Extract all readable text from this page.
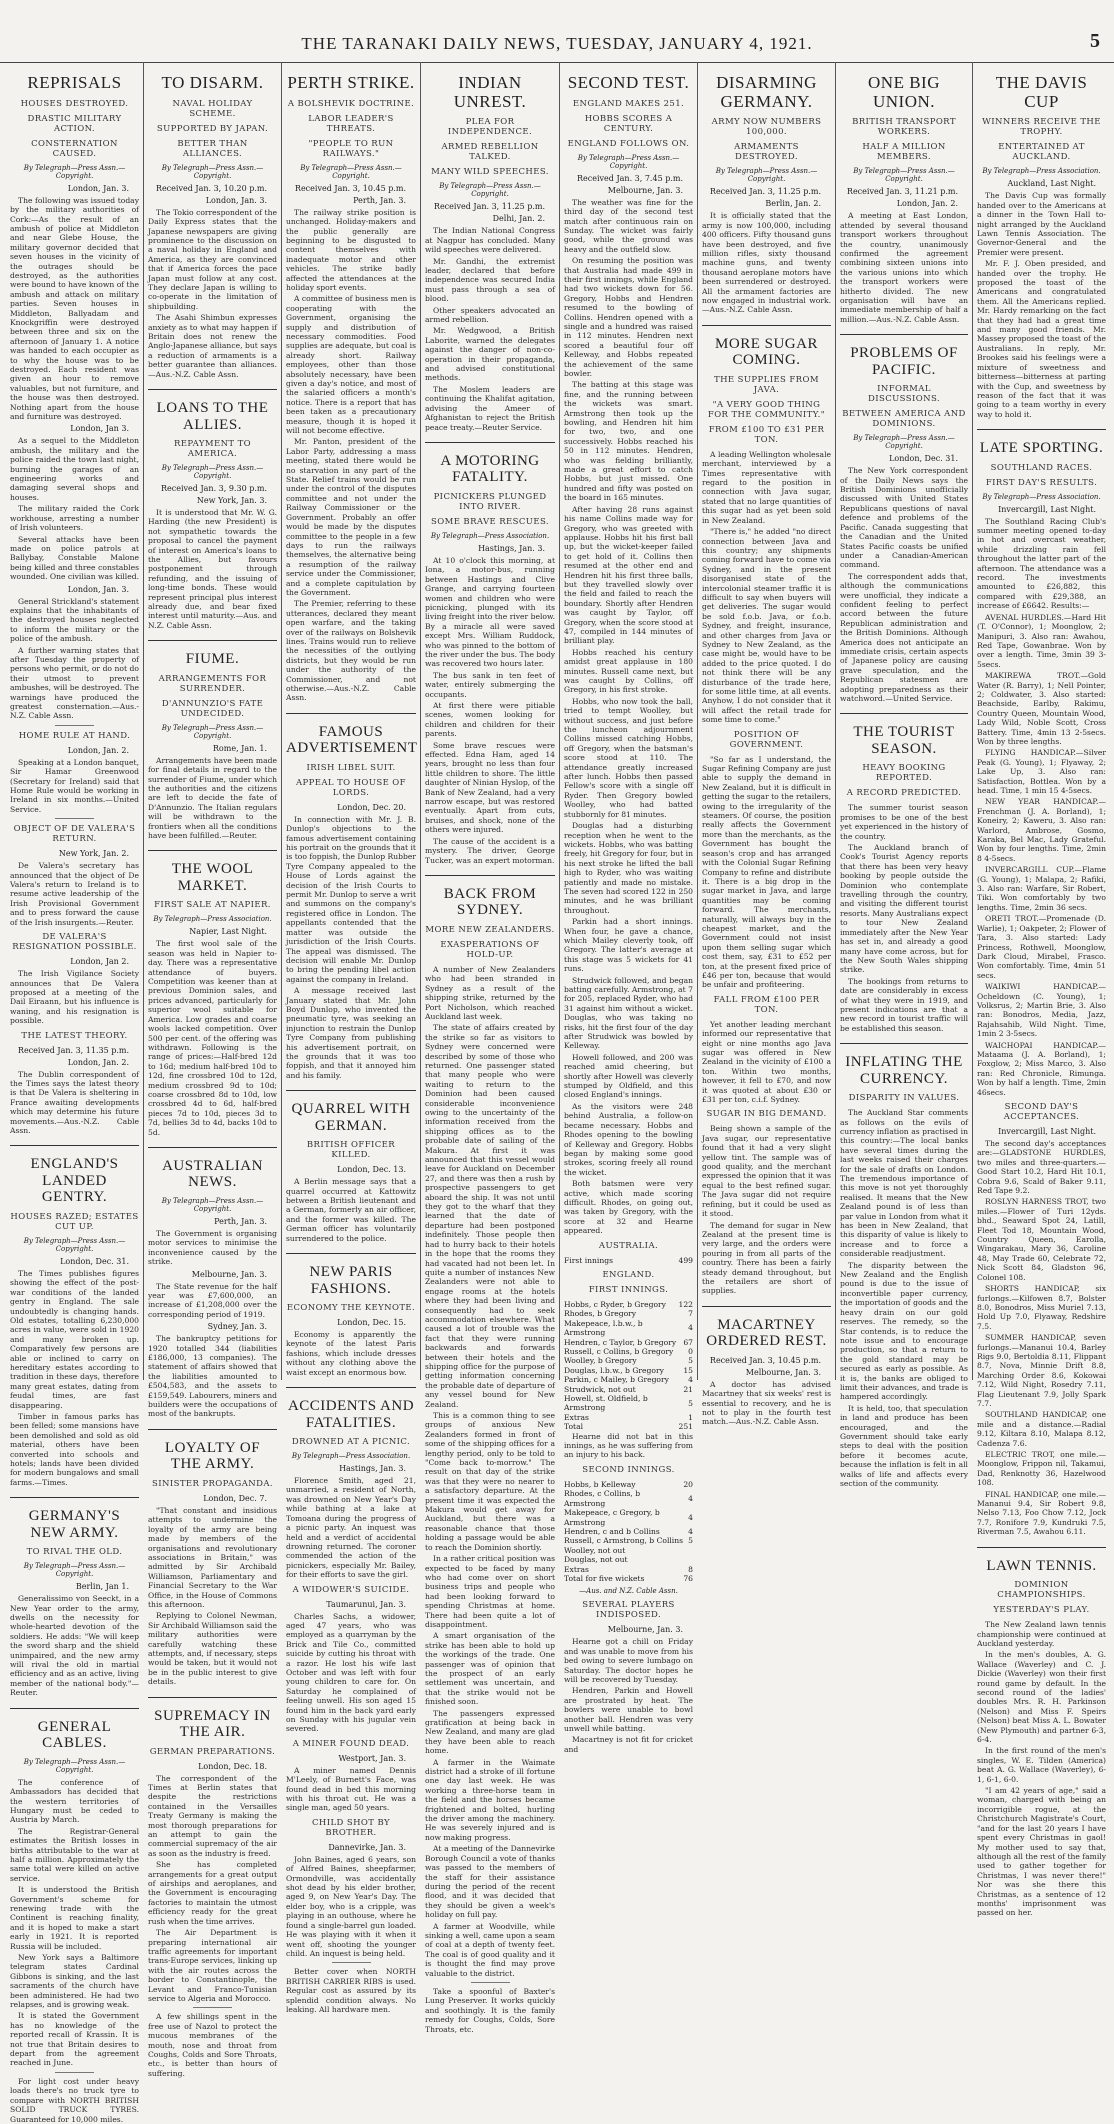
THE TARANAKI DAILY NEWS, TUESDAY, JANUARY 4, 1921.	5
REPRISALS
HOUSES DESTROYED.
DRASTIC MILITARY ACTION.
CONSTERNATION CAUSED.
By Telegraph—Press Assn.—Copyright.
London, Jan. 3.

The following was issued today by the military authorities of Cork:—As the result of an ambush of police at Middleton and near Glebe House, the military governor decided that seven houses in the vicinity of the outrages should be destroyed, as the authorities were bound to have known of the ambush and attack on military parties. Seven houses in Middleton, Ballyadam and Knockgriffin were destroyed between three and six on the afternoon of January 1. A notice was handed to each occupier as to why the house was to be destroyed. Each resident was given an hour to remove valuables, but not furniture, and the house was then destroyed. Nothing apart from the house and furniture was destroyed.

London, Jan 3.

As a sequel to the Middleton ambush, the military and the police raided the town last night, burning the garages of an engineering works and damaging several shops and houses.

The military raided the Cork workhouse, arresting a number of Irish volunteers.

Several attacks have been made on police patrols at Ballybay, Constable Malone being killed and three constables wounded. One civilian was killed.

London, Jan. 3.

General Strickland's statement explains that the inhabitants of the destroyed houses neglected to inform the military or the police of the ambush.

A further warning states that after Tuesday the property of persons who permit, or do not do their utmost to prevent ambushes, will be destroyed. The warnings have produced the greatest consternation.—Aus.-N.Z. Cable Assn.

HOME RULE AT HAND.
London, Jan. 2.

Speaking at a London banquet, Sir Hamar Greenwood (Secretary for Ireland) said that Home Rule would be working in Ireland in six months.—United Service.

OBJECT OF DE VALERA'S RETURN.
New York, Jan. 2.

De Valera's secretary has announced that the object of De Valera's return to Ireland is to resume active leadership of the Irish Provisional Government and to press forward the cause of the Irish insurgents.—Reuter.

DE VALERA'S RESIGNATION POSSIBLE.
London, Jan 2.

The Irish Vigilance Society announces that De Valera proposed at a meeting of the Dail Eiraann, but his influence is waning, and his resignation is possible.

THE LATEST THEORY.
Received Jan. 3, 11.35 p.m.
London, Jan. 2.

The Dublin correspondent of the Times says the latest theory is that De Valera is sheltering in France awaiting developments which may determine his future movements.—Aus.-N.Z. Cable Assn.

ENGLAND'S LANDED GENTRY.
HOUSES RAZED; ESTATES CUT UP.
By Telegraph—Press Assn.—Copyright.
London, Dec. 31.

The Times publishes figures showing the effect of the post-war conditions of the landed gentry in England. The sale undoubtedly is changing hands. Old estates, totalling 6,230,000 acres in value, were sold in 1920 and many broken up. Comparatively few persons are able or inclined to carry on hereditary estates according to tradition in these days, therefore many great estates, dating from feudal times, are fast disappearing.

Timber in famous parks has been felled; some mansions have been demolished and sold as old material, others have been converted into schools and hotels; lands have been divided for modern bungalows and small farms.—Times.

GERMANY'S NEW ARMY.
TO RIVAL THE OLD.
By Telegraph—Press Assn.—Copyright.
Berlin, Jan 1.

Generalissimo von Seeckt, in a New Year order to the army, dwells on the necessity for whole-hearted devotion of the soldiers. He adds: "We will keep the sword sharp and the shield unimpaired, and the new army will rival the old in martial efficiency and as an active, living member of the national body."—Reuter.

GENERAL CABLES.
By Telegraph—Press Assn.—Copyright.

The conference of Ambassadors has decided that the western territories of Hungary must be ceded to Austria by March.

The Registrar-General estimates the British losses in births attributable to the war at half a million. Approximately the same total were killed on active service.

It is understood the British Government's scheme for renewing trade with the Continent is reaching finality, and it is hoped to make a start early in 1921. It is reported Russia will be included.

New York says a Baltimore telegram states Cardinal Gibbons is sinking, and the last sacraments of the church have been administered. He had two relapses, and is growing weak.

It is stated the Government has no knowledge of the reported recall of Krassin. It is not true that Britain desires to depart from the agreement reached in June.

For light cost under heavy loads there's no truck tyre to compare with NORTH BRITISH SOLID TRUCK TYRES. Guaranteed for 10,000 miles.

TO DISARM.
NAVAL HOLIDAY SCHEME.
SUPPORTED BY JAPAN.
BETTER THAN ALLIANCES.
By Telegraph—Press Assn.—Copyright.
Received Jan. 3, 10.20 p.m.
London, Jan. 3.

The Tokio correspondent of the Daily Express states that the Japanese newspapers are giving prominence to the discussion on a naval holiday in England and America, as they are convinced that if America forces the pace Japan must follow at any cost. They declare Japan is willing to co-operate in the limitation of shipbuilding.

The Asahi Shimbun expresses anxiety as to what may happen if Britain does not renew the Anglo-Japanese alliance, but says a reduction of armaments is a better guarantee than alliances.—Aus.-N.Z. Cable Assn.

LOANS TO THE ALLIES.
REPAYMENT TO AMERICA.
By Telegraph—Press Assn.—Copyright.
Received Jan. 3, 9.30 p.m.
New York, Jan. 3.

It is understood that Mr. W. G. Harding (the new President) is not sympathetic towards the proposal to cancel the payment of interest on America's loans to the Allies, but favours postponement through refunding, and the issuing of long-time bonds. These would represent principal plus interest already due, and bear fixed interest until maturity.—Aus. and N.Z. Cable Assn.

FIUME.
ARRANGEMENTS FOR SURRENDER.
D'ANNUNZIO'S FATE UNDECIDED.
By Telegraph—Press Assn.—Copyright.
Rome, Jan. 1.

Arrangements have been made for final details in regard to the surrender of Fiume, under which the authorities and the citizens are left to decide the fate of D'Annunzio. The Italian regulars will be withdrawn to the frontiers when all the conditions have been fulfilled.—Reuter.

THE WOOL MARKET.
FIRST SALE AT NAPIER.
By Telegraph—Press Association.
Napier, Last Night.

The first wool sale of the season was held in Napier to-day. There was a representative attendance of buyers. Competition was keener than at previous Dominion sales, and prices advanced, particularly for superior wool suitable for America. Low grades and coarse wools lacked competition. Over 500 per cent. of the offering was withdrawn. Following is the range of prices:—Half-bred 12d to 16d; medium half-bred 10d to 12d, fine crossbred 10d to 12d, medium crossbred 9d to 10d; coarse crossbred 8d to 10d, low crossbred 4d to 6d, half-bred pieces 7d to 10d, pieces 3d to 7d, bellies 3d to 4d, backs 10d to 5d.

AUSTRALIAN NEWS.
By Telegraph—Press Assn.—Copyright.
Perth, Jan. 3.

The Government is organising motor services to minimise the inconvenience caused by the strike.

Melbourne, Jan. 3.

The State revenue for the half year was £7,600,000, an increase of £1,208,000 over the corresponding period of 1919.

Sydney, Jan. 3.

The bankruptcy petitions for 1920 totalled 344 (liabilities £186,000, 13 companies). The statement of affairs showed that the liabilities amounted to £504,583, and the assets to £159,549. Labourers, miners and builders were the occupations of most of the bankrupts.

LOYALTY OF THE ARMY.
SINISTER PROPAGANDA.
London, Dec. 7.

"That constant and insidious attempts to undermine the loyalty of the army are being made by members of the organisations and revolutionary associations in Britain," was admitted by Sir Archibald Williamson, Parliamentary and Financial Secretary to the War Office, in the House of Commons this afternoon.

Replying to Colonel Newman, Sir Archibald Williamson said the military authorities were carefully watching these attempts, and, if necessary, steps would be taken, but it would not be in the public interest to give details.

SUPREMACY IN THE AIR.
GERMAN PREPARATIONS.
London, Dec. 18.

The correspondent of the Times at Berlin states that despite the restrictions contained in the Versailles Treaty Germany is making the most thorough preparations for an attempt to gain the commercial supremacy of the air as soon as the industry is freed.

She has completed arrangements for a great output of airships and aeroplanes, and the Government is encouraging factories to maintain the utmost efficiency ready for the great rush when the time arrives.

The Air Department is preparing international air traffic agreements for important trans-Europe services, linking up with the air routes across the border to Constantinople, the Levant and Franco-Tunisian service to Algeria and Morocco.

A few shillings spent in the free use of Nazol to protect the mucous membranes of the mouth, nose and throat from Coughs, Colds and Sore Throats, etc., is better than hours of suffering.

PERTH STRIKE.
A BOLSHEVIK DOCTRINE.
LABOR LEADER'S THREATS.
"PEOPLE TO RUN RAILWAYS."
By Telegraph—Press Assn.—Copyright.
Received Jan. 3, 10.45 p.m.
Perth, Jan. 3.

The railway strike position is unchanged. Holiday-makers and the public generally are beginning to be disgusted to content themselves with inadequate motor and other vehicles. The strike badly affected the attendances at the holiday sport events.

A committee of business men is cooperating with the Government, organising the supply and distribution of necessary commodities. Food supplies are adequate, but coal is already short. Railway employees, other than those absolutely necessary, have been given a day's notice, and most of the salaried officers a month's notice. There is a report that has been taken as a precautionary measure, though it is hoped it will not become effective.

Mr. Panton, president of the Labor Party, addressing a mass meeting, stated there would be no starvation in any part of the State. Relief trains would be run under the control of the disputes committee and not under the Railway Commissioner or the Government. Probably an offer would be made by the disputes committee to the people in a few days to run the railways themselves, the alternative being a resumption of the railway service under the Commissioner, and a complete capitulation by the Government.

The Premier, referring to these utterances, declared they meant open warfare, and the taking over of the railways on Bolshevik lines. Trains would run to relieve the necessities of the outlying districts, but they would be run under the authority of the Commissioner, and not otherwise.—Aus.-N.Z. Cable Assn.

FAMOUS ADVERTISEMENT
IRISH LIBEL SUIT.
APPEAL TO HOUSE OF LORDS.
London, Dec. 20.

In connection with Mr. J. B. Dunlop's objections to the famous advertisement containing his portrait on the grounds that it is too foppish, the Dunlop Rubber Tyre Company appealed to the House of Lords against the decision of the Irish Courts to permit Mr. Dunlop to serve a writ and summons on the company's registered office in London. The appellants contended that the matter was outside the jurisdiction of the Irish Courts. The appeal was dismissed. The decision will enable Mr. Dunlop to bring the pending libel action against the company in Ireland.

A message received last January stated that Mr. John Boyd Dunlop, who invented the pneumatic tyre, was seeking an injunction to restrain the Dunlop Tyre Company from publishing his advertisement portrait, on the grounds that it was too foppish, and that it annoyed him and his family.

QUARREL WITH GERMAN.
BRITISH OFFICER KILLED.
London, Dec. 13.

A Berlin message says that a quarrel occurred at Kattowitz between a British lieutenant and a German, formerly an air officer, and the former was killed. The German officer has voluntarily surrendered to the police.

NEW PARIS FASHIONS.
ECONOMY THE KEYNOTE.
London, Dec. 15.

Economy is apparently the keynote of the latest Paris fashions, which include dresses without any clothing above the waist except an enormous bow.

ACCIDENTS AND FATALITIES.
DROWNED AT A PICNIC.
By Telegraph—Press Association.
Hastings, Jan. 3.

Florence Smith, aged 21, unmarried, a resident of North, was drowned on New Year's Day while bathing at a lake at Tomoana during the progress of a picnic party. An inquest was held and a verdict of accidental drowning returned. The coroner commended the action of the picnickers, especially Mr. Bailey, for their efforts to save the girl.

A WIDOWER'S SUICIDE.
Taumarunui, Jan. 3.

Charles Sachs, a widower, aged 47 years, who was employed as a quarryman by the Brick and Tile Co., committed suicide by cutting his throat with a razor. He lost his wife last October and was left with four young children to care for. On Saturday he complained of feeling unwell. His son aged 15 found him in the back yard early on Sunday with his jugular vein severed.

A MINER FOUND DEAD.
Westport, Jan. 3.

A miner named Dennis M'Leely, of Burnett's Face, was found dead in bed this morning with his throat cut. He was a single man, aged 50 years.

CHILD SHOT BY BROTHER.
Dannevirke, Jan. 3.

John Baines, aged 6 years, son of Alfred Baines, sheepfarmer, Ormondville, was accidentally shot dead by his elder brother, aged 9, on New Year's Day. The elder boy, who is a cripple, was playing in an outhouse, where he found a single-barrel gun loaded. He was playing with it when it went off, shooting the younger child. An inquest is being held.

Better cover when NORTH BRITISH CARRIER RIBS is used. Regular cost as assured by its splendid condition always. No leaking. All hardware men.

INDIAN UNREST.
PLEA FOR INDEPENDENCE.
ARMED REBELLION TALKED.
MANY WILD SPEECHES.
By Telegraph—Press Assn.—Copyright.
Received Jan. 3, 11.25 p.m.
Delhi, Jan. 2.

The Indian National Congress at Nagpur has concluded. Many wild speeches were delivered.

Mr. Gandhi, the extremist leader, declared that before independence was secured India must pass through a sea of blood.

Other speakers advocated an armed rebellion.

Mr. Wedgwood, a British Laborite, warned the delegates against the danger of non-co-operation in their propaganda, and advised constitutional methods.

The Moslem leaders are continuing the Khalifat agitation, advising the Ameer of Afghanistan to reject the British peace treaty.—Reuter Service.

A MOTORING FATALITY.
PICNICKERS PLUNGED INTO RIVER.
SOME BRAVE RESCUES.
By Telegraph—Press Association.
Hastings, Jan. 3.

At 10 o'clock this morning, at Iona, a motor-bus, running between Hastings and Clive Grange, and carrying fourteen women and children who were picnicking, plunged with its living freight into the river below. By a miracle all were saved except Mrs. William Ruddock, who was pinned to the bottom of the river under the bus. The body was recovered two hours later.

The bus sank in ten feet of water, entirely submerging the occupants.

At first there were pitiable scenes, women looking for children and children for their parents.

Some brave rescues were effected. Edna Ham, aged 14 years, brought no less than four little children to shore. The little daughter of Ninian Hyslop, of the Bank of New Zealand, had a very narrow escape, but was restored eventually. Apart from cuts, bruises, and shock, none of the others were injured.

The cause of the accident is a mystery. The driver, George Tucker, was an expert motorman.

BACK FROM SYDNEY.
MORE NEW ZEALANDERS.
EXASPERATIONS OF HOLD-UP.

A number of New Zealanders who had been stranded in Sydney as a result of the shipping strike, returned by the Port Nicholson, which reached Auckland last week.

The state of affairs created by the strike so far as visitors to Sydney were concerned were described by some of those who returned. One passenger stated that many people who were waiting to return to the Dominion had been caused considerable inconvenience owing to the uncertainty of the information received from the shipping offices as to the probable date of sailing of the Makura. At first it was announced that this vessel would leave for Auckland on December 27, and there was then a rush by prospective passengers to get aboard the ship. It was not until they got to the wharf that they learned that the date of departure had been postponed indefinitely. Those people then had to hurry back to their hotels in the hope that the rooms they had vacated had not been let. In quite a number of instances New Zealanders were not able to engage rooms at the hotels where they had been living and consequently had to seek accommodation elsewhere. What caused a lot of trouble was the fact that they were running backwards and forwards between their hotels and the shipping office for the purpose of getting information concerning the probable date of departure of any vessel bound for New Zealand.

This is a common thing to see groups of anxious New Zealanders formed in front of some of the shipping offices for a lengthy period, only to be told to "Come back to-morrow." The result on that day of the strike was that they were no nearer to a satisfactory departure. At the present time it was expected the Makura would get away for Auckland, but there was a reasonable chance that those holding a passage would be able to reach the Dominion shortly.

In a rather critical position was expected to be faced by many who had come over on short business trips and people who had been looking forward to spending Christmas at home. There had been quite a lot of disappointment.

A smart organisation of the strike has been able to hold up the workings of the trade. One passenger was of opinion that the prospect of an early settlement was uncertain, and that the strike would not be finished soon.

The passengers expressed gratification at being back in New Zealand, and many are glad they have been able to reach home.

A farmer in the Waimate district had a stroke of ill fortune one day last week. He was working a three-horse team in the field and the horses became frightened and bolted, hurling the driver among the machinery. He was severely injured and is now making progress.

At a meeting of the Dannevirke Borough Council a vote of thanks was passed to the members of the staff for their assistance during the period of the recent flood, and it was decided that they should be given a week's holiday on full pay.

A farmer at Woodville, while sinking a well, came upon a seam of coal at a depth of twenty feet. The coal is of good quality and it is thought the find may prove valuable to the district.

Take a spoonful of Baxter's Lung Preserver. It works quickly and soothingly. It is the family remedy for Coughs, Colds, Sore Throats, etc.

SECOND TEST.
ENGLAND MAKES 251.
HOBBS SCORES A CENTURY.
ENGLAND FOLLOWS ON.
By Telegraph—Press Assn.—Copyright.
Received Jan. 3, 7.45 p.m.
Melbourne, Jan. 3.

The weather was fine for the third day of the second test match after continuous rain on Sunday. The wicket was fairly good, while the ground was heavy and the outfield slow.

On resuming the position was that Australia had made 499 in their first innings, while England had two wickets down for 56. Gregory, Hobbs and Hendren resumed to the bowling of Collins. Hendren opened with a single and a hundred was raised in 112 minutes. Hendren next scored a beautiful four off Kelleway, and Hobbs repeated the achievement of the same bowler.

The batting at this stage was fine, and the running between the wickets was smart. Armstrong then took up the bowling, and Hendren hit him for two, two, and one successively. Hobbs reached his 50 in 112 minutes. Hendren, who was fielding brilliantly, made a great effort to catch Hobbs, but just missed. One hundred and fifty was posted on the board in 165 minutes.

After having 28 runs against his name Collins made way for Gregory, who was greeted with applause. Hobbs hit his first ball up, but the wicket-keeper failed to get hold of it. Collins then resumed at the other end and Hendren hit his first three balls, but they travelled slowly over the field and failed to reach the boundary. Shortly after Hendren was caught by Taylor, off Gregory, when the score stood at 47, compiled in 144 minutes of brilliant play.

Hobbs reached his century amidst great applause in 180 minutes. Russell came next, but was caught by Collins, off Gregory, in his first stroke.

Hobbs, who now took the ball, tried to tempt Woolley, but without success, and just before the luncheon adjournment Collins missed catching Hobbs, off Gregory, when the batsman's score stood at 110. The attendance greatly increased after lunch. Hobbs then passed Fellow's score with a single off Ryder. Then Gregory bowled Woolley, who had batted stubbornly for 81 minutes.

Douglas had a disturbing reception when he went to the wickets. Hobbs, who was batting freely, hit Gregory for four, but in his next stroke he lifted the ball high to Ryder, who was waiting patiently and made no mistake. The seven had scored 122 in 250 minutes, and he was brilliant throughout.

Parkin had a short innings. When four, he gave a chance, which Mailey cleverly took, off Gregory. The latter's average at this stage was 5 wickets for 41 runs.

Strudwick followed, and began batting carefully. Armstrong, at 7 for 205, replaced Ryder, who had 31 against him without a wicket. Douglas, who was taking no risks, hit the first four of the day after Strudwick was bowled by Kelleway.

Howell followed, and 200 was reached amid cheering, but shortly after Howell was cleverly stumped by Oldfield, and this closed England's innings.

As the visitors were 248 behind Australia, a follow-on became necessary. Hobbs and Rhodes opening to the bowling of Kelleway and Gregory. Hobbs began by making some good strokes, scoring freely all round the wicket.

Both batsmen were very active, which made scoring difficult. Rhodes, on going out, was taken by Gregory, with the score at 32 and Hearne appeared.

AUSTRALIA.
First innings	499
ENGLAND.
FIRST INNINGS.
Hobbs, c Ryder, b Gregory	122
Rhodes, b Gregory	7
Makepeace, l.b.w., b Armstrong	4
Hendren, c Taylor, b Gregory	67
Russell, c Collins, b Gregory	0
Woolley, b Gregory	5
Douglas, l.b.w., b Gregory	15
Parkin, c Mailey, b Gregory	4
Strudwick, not out	21
Howell, st. Oldfield, b Armstrong	5
Extras	1
Total	251

Hearne did not bat in this innings, as he was suffering from an injury to his back.

SECOND INNINGS.
Hobbs, b Kelleway	20
Rhodes, c Collins, b Armstrong	4
Makepeace, c Gregory, b Armstrong	4
Hendren, c and b Collins	4
Russell, c Armstrong, b Collins	5
Woolley, not out	
Douglas, not out	
Extras	8
Total for five wickets	76
—Aus. and N.Z. Cable Assn.
SEVERAL PLAYERS INDISPOSED.
Melbourne, Jan. 3.

Hearne got a chill on Friday and was unable to move from his bed owing to severe lumbago on Saturday. The doctor hopes he will be recovered by Tuesday.

Hendren, Parkin and Howell are prostrated by heat. The bowlers were unable to bowl another ball. Hendren was very unwell while batting.

Macartney is not fit for cricket and

DISARMING GERMANY.
ARMY NOW NUMBERS 100,000.
ARMAMENTS DESTROYED.
By Telegraph—Press Assn.—Copyright.
Received Jan. 3, 11.25 p.m.
Berlin, Jan. 2.

It is officially stated that the army is now 100,000, including 400 officers. Fifty thousand guns have been destroyed, and five million rifles, sixty thousand machine guns, and twenty thousand aeroplane motors have been surrendered or destroyed. All the armament factories are now engaged in industrial work.—Aus.-N.Z. Cable Assn.

MORE SUGAR COMING.
THE SUPPLIES FROM JAVA.
"A VERY GOOD THING FOR THE COMMUNITY."
FROM £100 TO £31 PER TON.

A leading Wellington wholesale merchant, interviewed by a Times representative with regard to the position in connection with Java sugar, stated that no large quantities of this sugar had as yet been sold in New Zealand.

"There is," he added "no direct connection between Java and this country; any shipments coming forward have to come via Sydney, and in the present disorganised state of the intercolonial steamer traffic it is difficult to say when buyers will get deliveries. The sugar would be sold f.o.b. Java, or f.o.b. Sydney, and freight, insurance, and other charges from Java or Sydney to New Zealand, as the case might be, would have to be added to the price quoted. I do not think there will be any disturbance of the trade here, for some little time, at all events. Anyhow, I do not consider that it will affect the retail trade for some time to come."

POSITION OF GOVERNMENT.

"So far as I understand, the Sugar Refining Company are just able to supply the demand in New Zealand, but it is difficult in getting the sugar to the retailers, owing to the irregularity of the steamers. Of course, the position really affects the Government more than the merchants, as the Government has bought the season's crop and has arranged with the Colonial Sugar Refining Company to refine and distribute it. There is a big drop in the sugar market in Java, and large quantities may be coming forward. The merchants, naturally, will always buy in the cheapest market, and the Government could not insist upon them selling sugar which cost them, say, £31 to £52 per ton, at the present fixed price of £46 per ton, because that would be unfair and profiteering.

FALL FROM £100 PER TON.

Yet another leading merchant informed our representative that eight or nine months ago Java sugar was offered in New Zealand in the vicinity of £100 a ton. Within two months, however, it fell to £70, and now it was quoted at about £30 or £31 per ton, c.i.f. Sydney.

SUGAR IN BIG DEMAND.

Being shown a sample of the Java sugar, our representative found that it had a very slight yellow tint. The sample was of good quality, and the merchant expressed the opinion that it was equal to the best refined sugar. The Java sugar did not require refining, but it could be used as it stood.

The demand for sugar in New Zealand at the present time is very large, and the orders were pouring in from all parts of the country. There has been a fairly steady demand throughout, but the retailers are short of supplies.

MACARTNEY ORDERED REST.
Received Jan. 3, 10.45 p.m.
Melbourne, Jan. 3.

A doctor has advised Macartney that six weeks' rest is essential to recovery, and he is not to play in the fourth test match.—Aus.-N.Z. Cable Assn.

ONE BIG UNION.
BRITISH TRANSPORT WORKERS.
HALF A MILLION MEMBERS.
By Telegraph—Press Assn.—Copyright.
Received Jan. 3, 11.21 p.m.
London, Jan. 2.

A meeting at East London, attended by several thousand transport workers throughout the country, unanimously confirmed the agreement combining sixteen unions into the various unions into which the transport workers were hitherto divided. The new organisation will have an immediate membership of half a million.—Aus.-N.Z. Cable Assn.

PROBLEMS OF PACIFIC.
INFORMAL DISCUSSIONS.
BETWEEN AMERICA AND DOMINIONS.
By Telegraph—Press Assn.—Copyright.
London, Dec. 31.

The New York correspondent of the Daily News says the British Dominions unofficially discussed with United States Republicans questions of naval defence and problems of the Pacific. Canada suggesting that the Canadian and the United States Pacific coasts be unified under a Canadian-American command.

The correspondent adds that, although the communications were unofficial, they indicate a confident feeling to perfect accord between the future Republican administration and the British Dominions. Although America does not anticipate an immediate crisis, certain aspects of Japanese policy are causing grave speculation, and the Republican statesmen are adopting preparedness as their watchword.—United Service.

THE TOURIST SEASON.
HEAVY BOOKING REPORTED.
A RECORD PREDICTED.

The summer tourist season promises to be one of the best yet experienced in the history of the country.

The Auckland branch of Cook's Tourist Agency reports that there has been very heavy booking by people outside the Dominion who contemplate travelling through the country, and visiting the different tourist resorts. Many Australians expect to tour New Zealand immediately after the New Year has set in, and already a good many have come across, but for the New South Wales shipping strike.

The bookings from returns to date are considerably in excess of what they were in 1919, and present indications are that a new record in tourist traffic will be established this season.

INFLATING THE CURRENCY.
DISPARITY IN VALUES.

The Auckland Star comments as follows on the evils of currency inflation as practised in this country:—The local banks have several times during the last weeks raised their charges for the sale of drafts on London. The tremendous importance of this move is not yet thoroughly realised. It means that the New Zealand pound is of less than par value in London from what it has been in New Zealand, that this disparity of value is likely to increase and to force a considerable readjustment.

The disparity between the New Zealand and the English pound is due to the issue of inconvertible paper currency, the importation of goods and the heavy drain on our gold reserves. The remedy, so the Star contends, is to reduce the note issue and to encourage production, so that a return to the gold standard may be secured as early as possible. As it is, the banks are obliged to limit their advances, and trade is hampered accordingly.

It is held, too, that speculation in land and produce has been encouraged, and the Government should take early steps to deal with the position before it becomes acute, because the inflation is felt in all walks of life and affects every section of the community.

THE DAVIS CUP
WINNERS RECEIVE THE TROPHY.
ENTERTAINED AT AUCKLAND.
By Telegraph—Press Association.
Auckland, Last Night.

The Davis Cup was formally handed over to the Americans at a dinner in the Town Hall to-night arranged by the Auckland Lawn Tennis Association. The Governor-General and the Premier were present.

Mr. F. J. Oben presided, and handed over the trophy. He proposed the toast of the Americans and congratulated them. All the Americans replied. Mr. Hardy remarking on the fact that they had had a great time and many good friends. Mr. Massey proposed the toast of the Australians. In reply, Mr. Brookes said his feelings were a mixture of sweetness and bitterness—bitterness at parting with the Cup, and sweetness by reason of the fact that it was going to a team worthy in every way to hold it.

LATE SPORTING.
SOUTHLAND RACES.
FIRST DAY'S RESULTS.
By Telegraph—Press Association.
Invercargill, Last Night.

The Southland Racing Club's summer meeting opened to-day in hot and overcast weather, while drizzling rain fell throughout the latter part of the afternoon. The attendance was a record. The investments amounted to £26,882, this compared with £29,388, an increase of £6642. Results:—

AVENAL HURDLES.—Hard Hit (T. O'Connor), 1; Moonglow, 2; Manipuri, 3. Also ran: Awahou, Red Tape, Gowanbrae. Won by over a length. Time, 3min 39 3-5secs.

MAKIREWA TROT.—Gold Water (R. Barry), 1; Nell Pointer, 2; Coldwater, 3. Also started: Beachside, Earlby, Rakimu, Country Queen, Mountain Wood, Lady Wild, Noble Scott, Cross Battery. Time, 4min 13 2-5secs. Won by three lengths.

FLYING HANDICAP.—Silver Peak (G. Young), 1; Flyaway, 2; Lake Up, 3. Also ran: Satisfaction, Bottlea. Won by a head. Time, 1 min 15 4-5secs.

NEW YEAR HANDICAP.—Frenchman (J. A. Borland), 1; Koneiry, 2; Kaweru, 3. Also ran: Warlord, Ambrose, Gosmo, Karaka, Bel Mac, Lady Grateful. Won by four lengths. Time, 2min 8 4-5secs.

INVERCARGILL CUP.—Flame (G. Young), 1; Malapa, 2; Rafiki, 3. Also ran: Warfare, Sir Robert, Tiki. Won comfortably by two lengths. Time, 2min 36 secs.

ORETI TROT.—Promenade (D. Warlie), 1; Oakpeter, 2; Flower of Tara, 3. Also started: Lady Princess, Rothwell, Moonglow, Dark Cloud, Mirabel, Frasco. Won comfortably. Time, 4min 51 secs.

WAIKIWI HANDICAP.—Ocheldown (C. Young), 1; Volksrus, 2; Martin Brie, 3. Also ran: Bonodros, Media, Jazz, Rajahsahib, Wild Night. Time, 1min 2 3-5secs.

WAICHOPAI HANDICAP.—Mataama (J. A. Borland), 1; Foxglow, 2; Miss Marco, 3. Also ran: Red Chronicle, Rimunga. Won by half a length. Time, 2min 46secs.

SECOND DAY'S ACCEPTANCES.
Invercargill, Last Night.

The second day's acceptances are:—GLADSTONE HURDLES, two miles and three-quarters.—Good Start 10.2, Hard Hit 10.1, Cobra 9.6, Scald of Baker 9.11, Red Tape 9.2.

ROSLYN HARNESS TROT, two miles.—Flower of Turi 12yds. bhd., Seaward Spot 24, Latill, Fleet Tod 18, Mountain Wood, Country Queen, Earolla, Wingarakau, Mary 36, Caroline 48, May Trade 60, Celebrate 72, Nick Scott 84, Gladston 96, Colonel 108.

SHORTS HANDICAP, six furlongs.—Kilfowen 8.7, Bolster 8.0, Bonodros, Miss Muriel 7.13, Hold Up 7.0, Flyaway, Redshire 7.5.

SUMMER HANDICAP, seven furlongs.—Mananui 10.4, Barley Rigs 9.0, Bertoldia 8.11, Flippant 8.7, Nova, Minnie Drift 8.8, Marching Order 8.6, Kokowai 7.12, Wild Night, Rosedry 7.11, Flag Lieutenant 7.9, Jolly Spark 7.7.

SOUTHLAND HANDICAP, one mile and a distance.—Radial 9.12, Kiltara 8.10, Malapa 8.12, Cadenza 7.6.

ELECTRIC TROT, one mile.—Moonglow, Frippon nil, Takamui, Dad, Renknotty 36, Hazelwood 108.

FINAL HANDICAP, one mile.—Mananui 9.4, Sir Robert 9.8, Nelso 7.13, Foo Chow 7.12, Jock 7.7, Ronifore 7.9, Kundruki 7.5, Riverman 7.5, Awahou 6.11.

LAWN TENNIS.
DOMINION CHAMPIONSHIPS.
YESTERDAY'S PLAY.

The New Zealand lawn tennis championship were continued at Auckland yesterday.

In the men's doubles, A. G. Wallace (Waverley) and C. J. Dickie (Waverley) won their first round game by default. In the second round of the ladies' doubles Mrs. R. H. Parkinson (Nelson) and Miss F. Speirs (Nelson) beat Miss A. L. Bowater (New Plymouth) and partner 6-3, 6-4.

In the first round of the men's singles, W. E. Tilden (America) beat A. G. Wallace (Waverley), 6-1, 6-1, 6-0.

"I am 42 years of age," said a woman, charged with being an incorrigible rogue, at the Christchurch Magistrate's Court, "and for the last 20 years I have spent every Christmas in gaol! My mother used to say that, although all the rest of the family used to gather together for Christmas, I was never there!" Nor was she there this Christmas, as a sentence of 12 months' imprisonment was passed on her.
